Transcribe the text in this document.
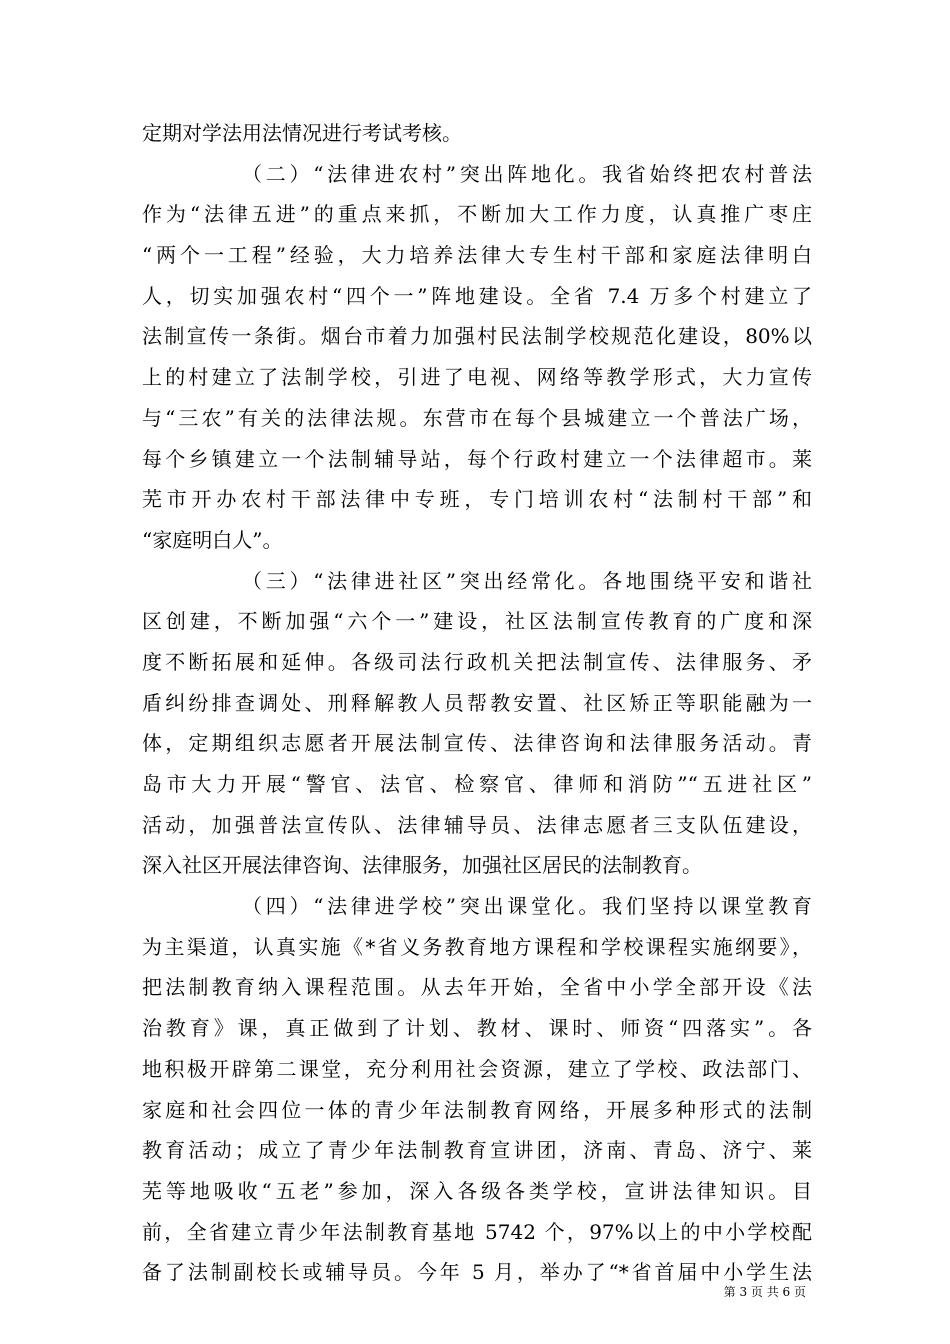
定期对学法用法情况进行考试考核。
（二）“法律进农村”突出阵地化。我省始终把农村普法
作为“法律五进”的重点来抓，不断加大工作力度，认真推广枣庄
“两个一工程”经验，大力培养法律大专生村干部和家庭法律明白
人，切实加强农村“四个一”阵地建设。全省 7.4 万多个村建立了
法制宣传一条街。烟台市着力加强村民法制学校规范化建设，80%以
上的村建立了法制学校，引进了电视、网络等教学形式，大力宣传
与“三农”有关的法律法规。东营市在每个县城建立一个普法广场，
每个乡镇建立一个法制辅导站，每个行政村建立一个法律超市。莱
芜市开办农村干部法律中专班，专门培训农村“法制村干部”和
“家庭明白人”。
（三）“法律进社区”突出经常化。各地围绕平安和谐社
区创建，不断加强“六个一”建设，社区法制宣传教育的广度和深
度不断拓展和延伸。各级司法行政机关把法制宣传、法律服务、矛
盾纠纷排查调处、刑释解教人员帮教安置、社区矫正等职能融为一
体，定期组织志愿者开展法制宣传、法律咨询和法律服务活动。青
岛市大力开展“警官、法官、检察官、律师和消防”“五进社区”
活动，加强普法宣传队、法律辅导员、法律志愿者三支队伍建设，
深入社区开展法律咨询、法律服务，加强社区居民的法制教育。
（四）“法律进学校”突出课堂化。我们坚持以课堂教育
为主渠道，认真实施《*省义务教育地方课程和学校课程实施纲要》，
把法制教育纳入课程范围。从去年开始，全省中小学全部开设《法
治教育》课，真正做到了计划、教材、课时、师资“四落实”。各
地积极开辟第二课堂，充分利用社会资源，建立了学校、政法部门、
家庭和社会四位一体的青少年法制教育网络，开展多种形式的法制
教育活动；成立了青少年法制教育宣讲团，济南、青岛、济宁、莱
芜等地吸收“五老”参加，深入各级各类学校，宣讲法律知识。目
前，全省建立青少年法制教育基地 5742 个，97%以上的中小学校配
备了法制副校长或辅导员。今年 5 月，举办了“*省首届中小学生法
第 3 页 共 6 页
